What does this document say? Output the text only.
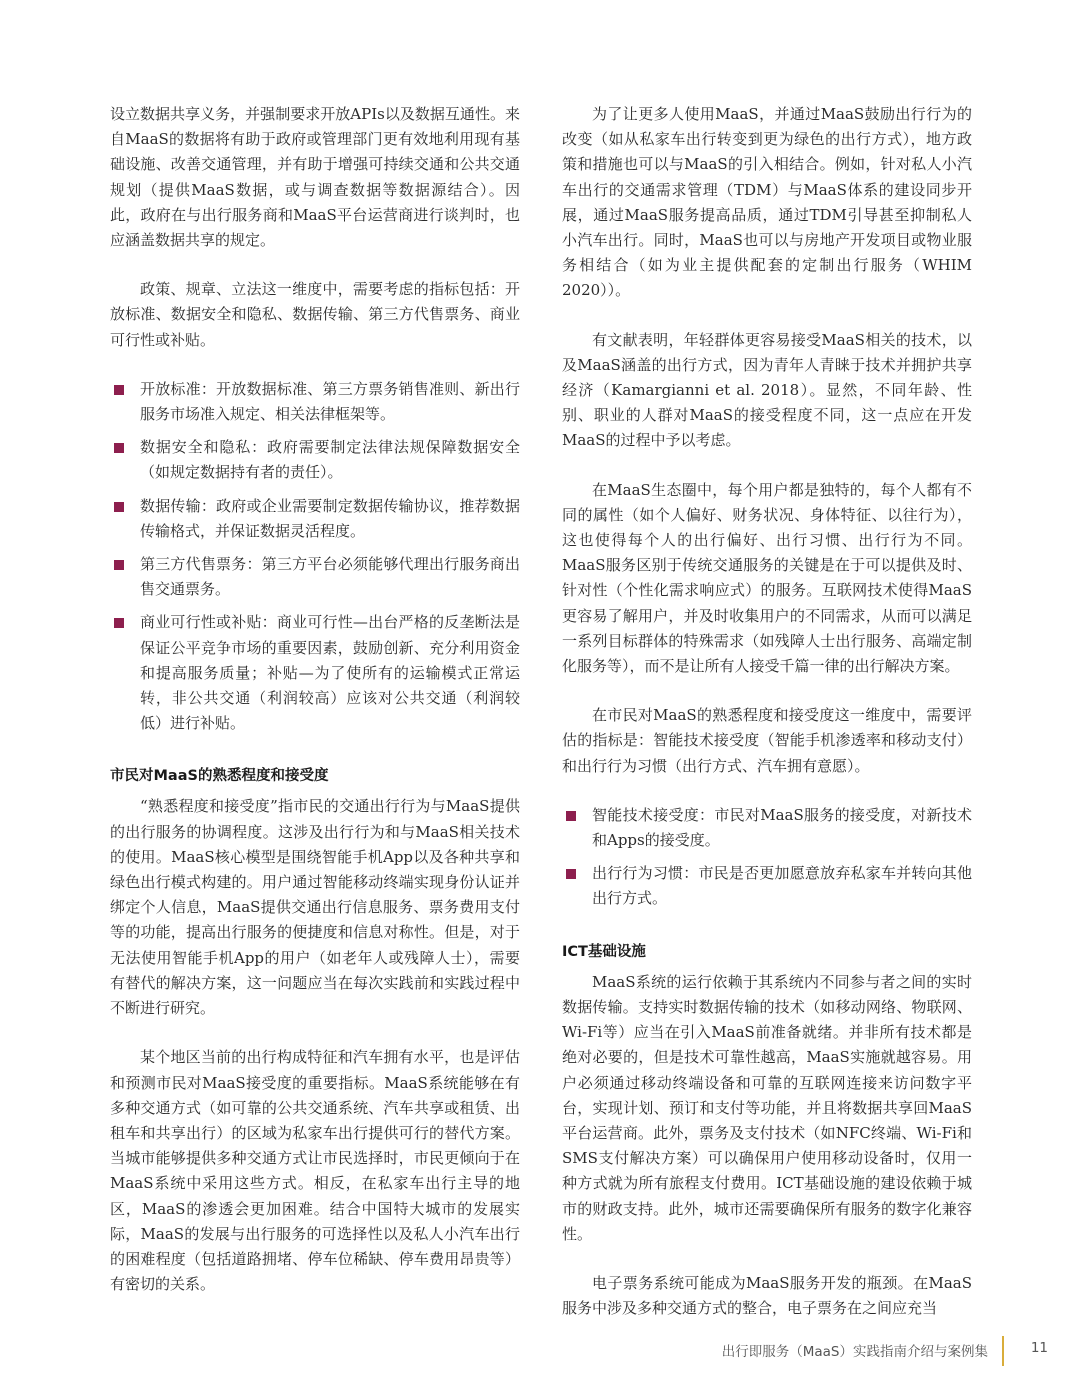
设立数据共享义务，并强制要求开放APIs以及数据互通性。来自MaaS的数据将有助于政府或管理部门更有效地利用现有基础设施、改善交通管理，并有助于增强可持续交通和公共交通规划（提供MaaS数据，或与调查数据等数据源结合）。因此，政府在与出行服务商和MaaS平台运营商进行谈判时，也应涵盖数据共享的规定。

政策、规章、立法这一维度中，需要考虑的指标包括：开放标准、数据安全和隐私、数据传输、第三方代售票务、商业可行性或补贴。

开放标准：开放数据标准、第三方票务销售准则、新出行服务市场准入规定、相关法律框架等。
数据安全和隐私：政府需要制定法律法规保障数据安全（如规定数据持有者的责任）。
数据传输：政府或企业需要制定数据传输协议，推荐数据传输格式，并保证数据灵活程度。
第三方代售票务：第三方平台必须能够代理出行服务商出售交通票务。
商业可行性或补贴：商业可行性—出台严格的反垄断法是保证公平竞争市场的重要因素，鼓励创新、充分利用资金和提高服务质量；补贴—为了使所有的运输模式正常运转，非公共交通（利润较高）应该对公共交通（利润较低）进行补贴。
市民对MaaS的熟悉程度和接受度

“熟悉程度和接受度”指市民的交通出行行为与MaaS提供的出行服务的协调程度。这涉及出行行为和与MaaS相关技术的使用。MaaS核心模型是围绕智能手机App以及各种共享和绿色出行模式构建的。用户通过智能移动终端实现身份认证并绑定个人信息，MaaS提供交通出行信息服务、票务费用支付等的功能，提高出行服务的便捷度和信息对称性。但是，对于无法使用智能手机App的用户（如老年人或残障人士），需要有替代的解决方案，这一问题应当在每次实践前和实践过程中不断进行研究。

某个地区当前的出行构成特征和汽车拥有水平，也是评估和预测市民对MaaS接受度的重要指标。MaaS系统能够在有多种交通方式（如可靠的公共交通系统、汽车共享或租赁、出租车和共享出行）的区域为私家车出行提供可行的替代方案。当城市能够提供多种交通方式让市民选择时，市民更倾向于在MaaS系统中采用这些方式。相反，在私家车出行主导的地区，MaaS的渗透会更加困难。结合中国特大城市的发展实际，MaaS的发展与出行服务的可选择性以及私人小汽车出行的困难程度（包括道路拥堵、停车位稀缺、停车费用昂贵等）有密切的关系。

为了让更多人使用MaaS，并通过MaaS鼓励出行行为的改变（如从私家车出行转变到更为绿色的出行方式），地方政策和措施也可以与MaaS的引入相结合。例如，针对私人小汽车出行的交通需求管理（TDM）与MaaS体系的建设同步开展，通过MaaS服务提高品质，通过TDM引导甚至抑制私人小汽车出行。同时，MaaS也可以与房地产开发项目或物业服务相结合（如为业主提供配套的定制出行服务（WHIM 2020））。

有文献表明，年轻群体更容易接受MaaS相关的技术，以及MaaS涵盖的出行方式，因为青年人青睐于技术并拥护共享经济（Kamargianni et al. 2018）。显然，不同年龄、性别、职业的人群对MaaS的接受程度不同，这一点应在开发MaaS的过程中予以考虑。

在MaaS生态圈中，每个用户都是独特的，每个人都有不同的属性（如个人偏好、财务状况、身体特征、以往行为），这也使得每个人的出行偏好、出行习惯、出行行为不同。MaaS服务区别于传统交通服务的关键是在于可以提供及时、针对性（个性化需求响应式）的服务。互联网技术使得MaaS更容易了解用户，并及时收集用户的不同需求，从而可以满足一系列目标群体的特殊需求（如残障人士出行服务、高端定制化服务等），而不是让所有人接受千篇一律的出行解决方案。

在市民对MaaS的熟悉程度和接受度这一维度中，需要评估的指标是：智能技术接受度（智能手机渗透率和移动支付）和出行行为习惯（出行方式、汽车拥有意愿）。

智能技术接受度：市民对MaaS服务的接受度，对新技术和Apps的接受度。
出行行为习惯：市民是否更加愿意放弃私家车并转向其他出行方式。
ICT基础设施

MaaS系统的运行依赖于其系统内不同参与者之间的实时数据传输。支持实时数据传输的技术（如移动网络、物联网、Wi-Fi等）应当在引入MaaS前准备就绪。并非所有技术都是绝对必要的，但是技术可靠性越高，MaaS实施就越容易。用户必须通过移动终端设备和可靠的互联网连接来访问数字平台，实现计划、预订和支付等功能，并且将数据共享回MaaS平台运营商。此外，票务及支付技术（如NFC终端、Wi-Fi和SMS支付解决方案）可以确保用户使用移动设备时，仅用一种方式就为所有旅程支付费用。ICT基础设施的建设依赖于城市的财政支持。此外，城市还需要确保所有服务的数字化兼容性。

电子票务系统可能成为MaaS服务开发的瓶颈。在MaaS服务中涉及多种交通方式的整合，电子票务在之间应充当

出行即服务（MaaS）实践指南介绍与案例集	11
